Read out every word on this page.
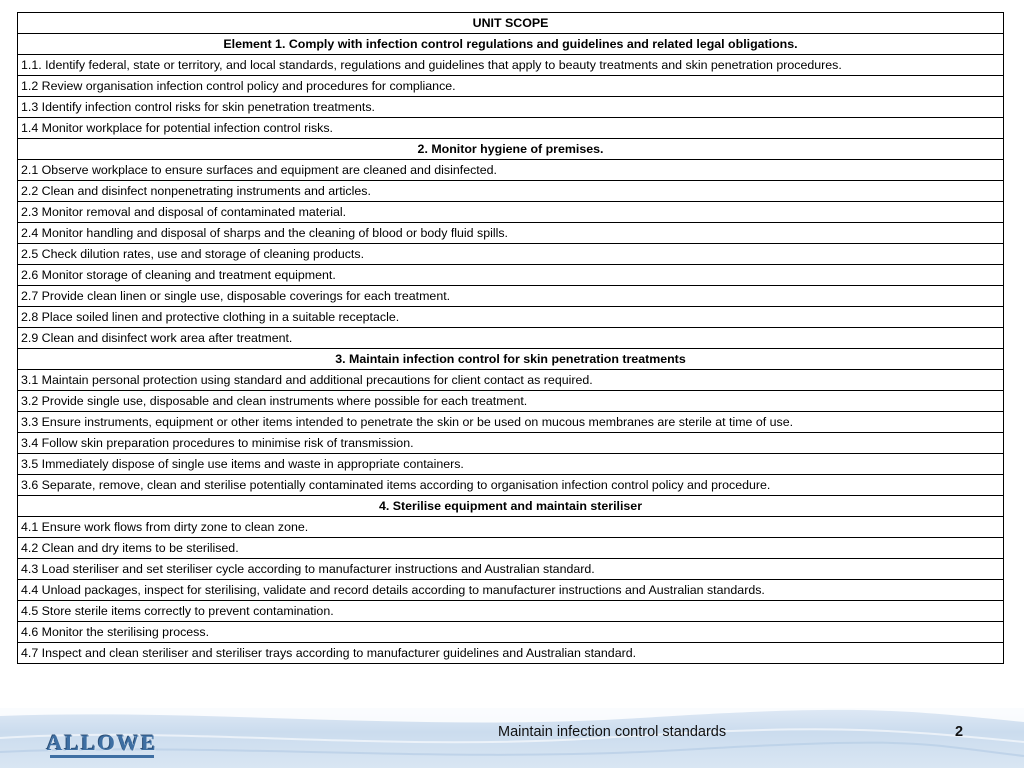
UNIT SCOPE
Element 1. Comply with infection control regulations and guidelines and related legal obligations.
1.1. Identify federal, state or territory, and local standards, regulations and guidelines that apply to beauty treatments and skin penetration procedures.
1.2 Review organisation infection control policy and procedures for compliance.
1.3 Identify infection control risks for skin penetration treatments.
1.4 Monitor workplace for potential infection control risks.
2. Monitor hygiene of premises.
2.1 Observe workplace to ensure surfaces and equipment are cleaned and disinfected.
2.2 Clean and disinfect nonpenetrating instruments and articles.
2.3 Monitor removal and disposal of contaminated material.
2.4 Monitor handling and disposal of sharps and the cleaning of blood or body fluid spills.
2.5 Check dilution rates, use and storage of cleaning products.
2.6 Monitor storage of cleaning and treatment equipment.
2.7 Provide clean linen or single use, disposable coverings for each treatment.
2.8 Place soiled linen and protective clothing in a suitable receptacle.
2.9 Clean and disinfect work area after treatment.
3. Maintain infection control for skin penetration treatments
3.1 Maintain personal protection using standard and additional precautions for client contact as required.
3.2 Provide single use, disposable and clean instruments where possible for each treatment.
3.3 Ensure instruments, equipment or other items intended to penetrate the skin or be used on mucous membranes are sterile at time of use.
3.4 Follow skin preparation procedures to minimise risk of transmission.
3.5 Immediately dispose of single use items and waste in appropriate containers.
3.6 Separate, remove, clean and sterilise potentially contaminated items according to organisation infection control policy and procedure.
4. Sterilise equipment and maintain steriliser
4.1 Ensure work flows from dirty zone to clean zone.
4.2 Clean and dry items to be sterilised.
4.3 Load steriliser and set steriliser cycle according to manufacturer instructions and Australian standard.
4.4 Unload packages, inspect for sterilising, validate and record details according to manufacturer instructions and Australian standards.
4.5 Store sterile items correctly to prevent contamination.
4.6 Monitor the sterilising process.
4.7 Inspect and clean steriliser and steriliser trays according to manufacturer guidelines and Australian standard.
ALLOWE	Maintain infection control standards	2
